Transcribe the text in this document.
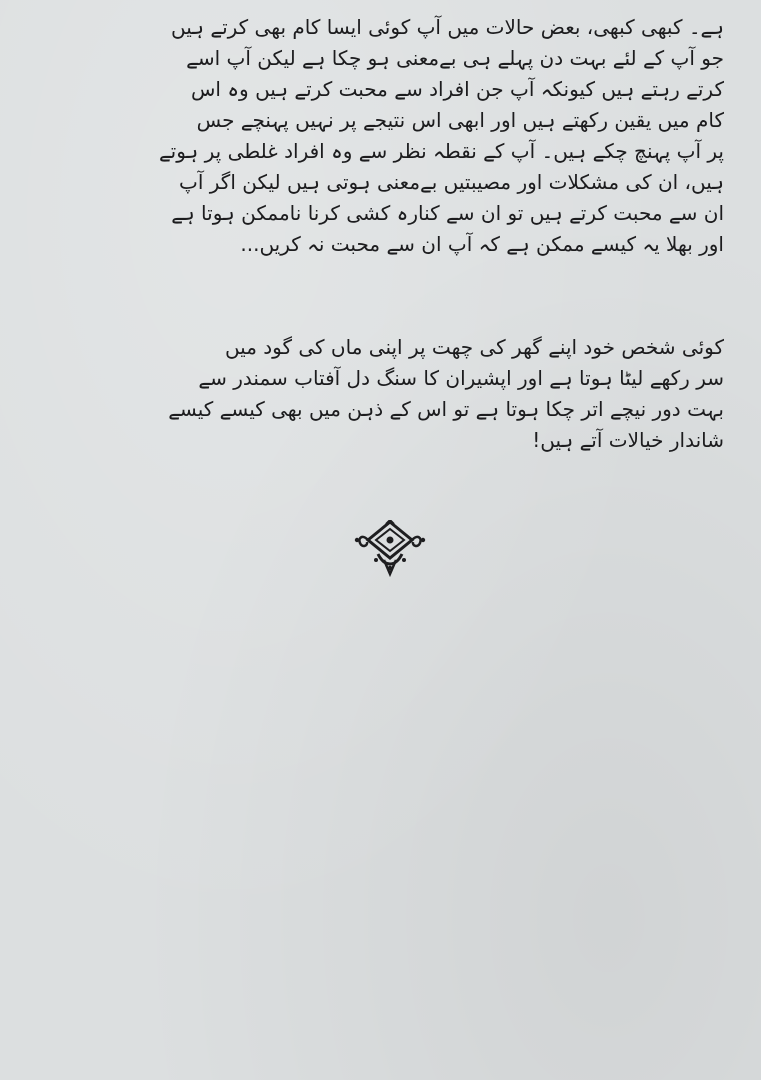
ہے۔ کبھی کبھی، بعض حالات میں آپ کوئی ایسا کام بھی کرتے ہیں
جو آپ کے لئے بہت دن پہلے ہی بےمعنی ہو چکا ہے لیکن آپ اسے
کرتے رہتے ہیں کیونکہ آپ جن افراد سے محبت کرتے ہیں وہ اس
کام میں یقین رکھتے ہیں اور ابھی اس نتیجے پر نہیں پہنچے جس
پر آپ پہنچ چکے ہیں۔ آپ کے نقطہ نظر سے وہ افراد غلطی پر ہوتے
ہیں، ان کی مشکلات اور مصیبتیں بےمعنی ہوتی ہیں لیکن اگر آپ
ان سے محبت کرتے ہیں تو ان سے کنارہ کشی کرنا ناممکن ہوتا ہے
اور بھلا یہ کیسے ممکن ہے کہ آپ ان سے محبت نہ کریں...

کوئی شخص خود اپنے گھر کی چھت پر اپنی ماں کی گود میں
سر رکھے لیٹا ہوتا ہے اور اپشیران کا سنگ دل آفتاب سمندر سے
بہت دور نیچے اتر چکا ہوتا ہے تو اس کے ذہن میں بھی کیسے کیسے
شاندار خیالات آتے ہیں!
